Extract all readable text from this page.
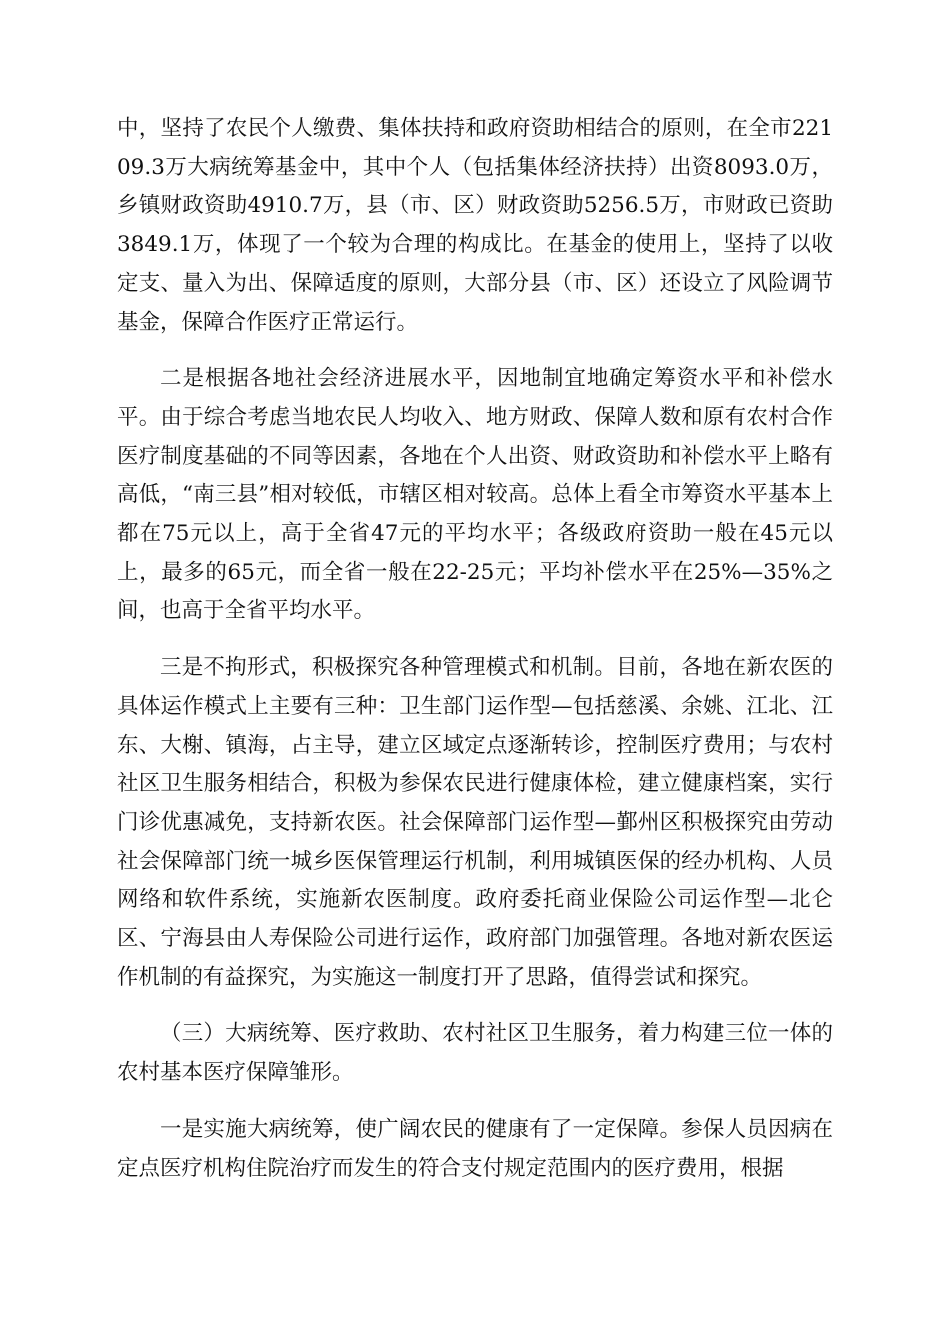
中，坚持了农民个人缴费、集体扶持和政府资助相结合的原则，在全市22109.3万大病统筹基金中，其中个人（包括集体经济扶持）出资8093.0万，乡镇财政资助4910.7万，县（市、区）财政资助5256.5万，市财政已资助3849.1万，体现了一个较为合理的构成比。在基金的使用上，坚持了以收定支、量入为出、保障适度的原则，大部分县（市、区）还设立了风险调节基金，保障合作医疗正常运行。

二是根据各地社会经济进展水平，因地制宜地确定筹资水平和补偿水平。由于综合考虑当地农民人均收入、地方财政、保障人数和原有农村合作医疗制度基础的不同等因素，各地在个人出资、财政资助和补偿水平上略有高低，“南三县”相对较低，市辖区相对较高。总体上看全市筹资水平基本上都在75元以上，高于全省47元的平均水平；各级政府资助一般在45元以上，最多的65元，而全省一般在22-25元；平均补偿水平在25%—35%之间，也高于全省平均水平。

三是不拘形式，积极探究各种管理模式和机制。目前，各地在新农医的具体运作模式上主要有三种：卫生部门运作型—包括慈溪、余姚、江北、江东、大榭、镇海，占主导，建立区域定点逐渐转诊，控制医疗费用；与农村社区卫生服务相结合，积极为参保农民进行健康体检，建立健康档案，实行门诊优惠减免，支持新农医。社会保障部门运作型—鄞州区积极探究由劳动社会保障部门统一城乡医保管理运行机制，利用城镇医保的经办机构、人员网络和软件系统，实施新农医制度。政府委托商业保险公司运作型—北仑区、宁海县由人寿保险公司进行运作，政府部门加强管理。各地对新农医运作机制的有益探究，为实施这一制度打开了思路，值得尝试和探究。

（三）大病统筹、医疗救助、农村社区卫生服务，着力构建三位一体的农村基本医疗保障雏形。

一是实施大病统筹，使广阔农民的健康有了一定保障。参保人员因病在定点医疗机构住院治疗而发生的符合支付规定范围内的医疗费用，根据
